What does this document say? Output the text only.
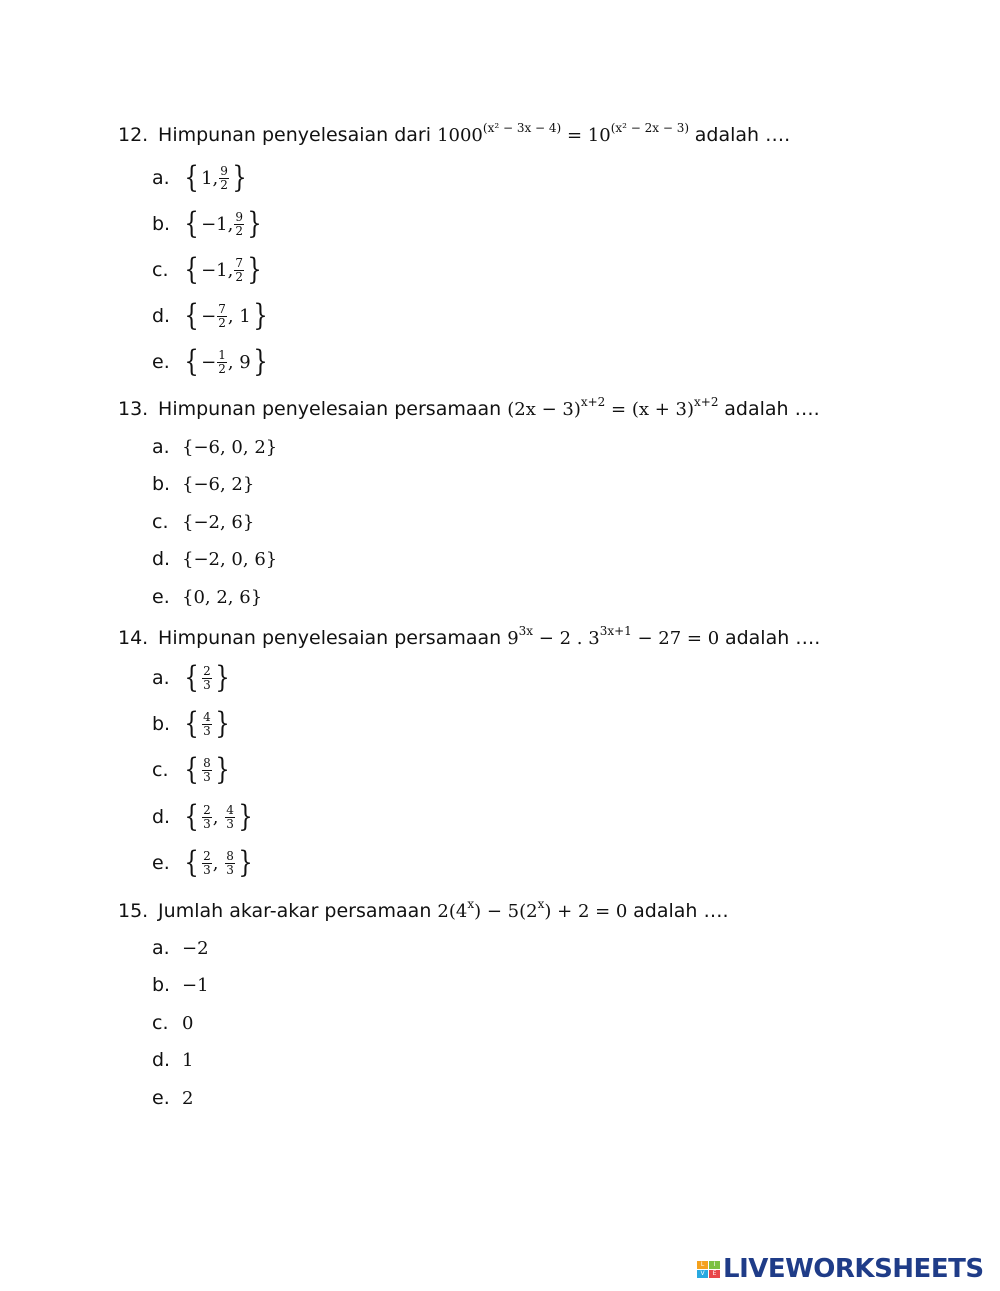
12. Himpunan penyelesaian dari $1000^{(x^2 - 3x - 4)} = 10^{(x^2 - 2x - 3)}$ adalah ….
a. { 1, $\frac{9}{2}$ }
b. { −1, $\frac{9}{2}$ }
c. { −1, $\frac{7}{2}$ }
d. { − $\frac{7}{2}$ , 1 }
e. { − $\frac{1}{2}$ , 9 }
13. Himpunan penyelesaian persamaan $(2x - 3)^{x+2} = (x + 3)^{x+2}$ adalah ….
a. {−6, 0, 2}
b. {−6, 2}
c. {−2, 6}
d. {−2, 0, 6}
e. {0, 2, 6}
14. Himpunan penyelesaian persamaan $9^{3x} - 2$ . $3^{3x+1} - 27 = 0$ adalah ….
a. { $\frac{2}{3}$ }
b. { $\frac{4}{3}$ }
c. { $\frac{8}{3}$ }
d. { $\frac{2}{3}$ , $\frac{4}{3}$ }
e. { $\frac{2}{3}$ , $\frac{8}{3}$ }
15. Jumlah akar-akar persamaan $2(4^x) - 5(2^x) + 2 = 0$ adalah ….
a. −2
b. −1
c. 0
d. 1
e. 2
L	I
V	E LIVEWORKSHEETS
